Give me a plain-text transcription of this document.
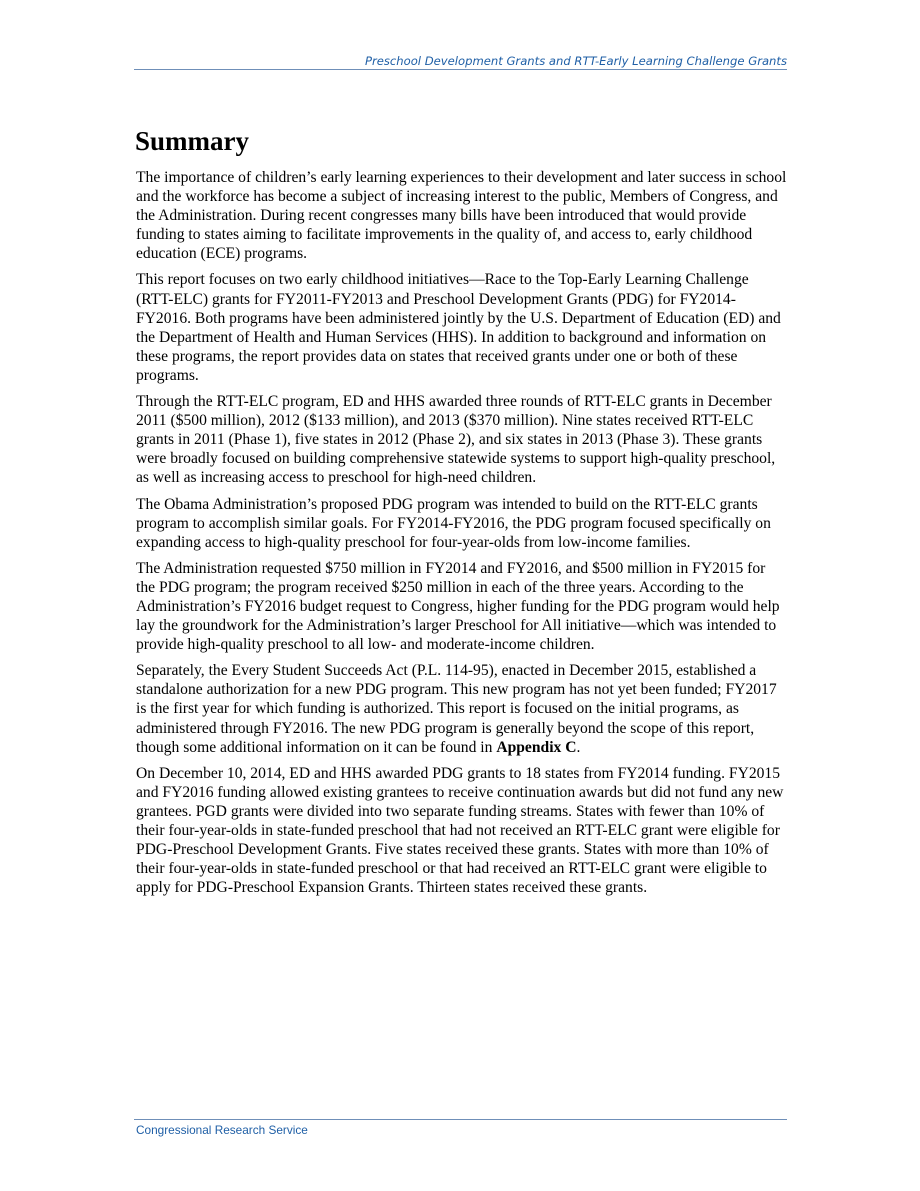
Preschool Development Grants and RTT-Early Learning Challenge Grants
Summary

The importance of children’s early learning experiences to their development and later success in school and the workforce has become a subject of increasing interest to the public, Members of Congress, and the Administration. During recent congresses many bills have been introduced that would provide funding to states aiming to facilitate improvements in the quality of, and access to, early childhood education (ECE) programs.

This report focuses on two early childhood initiatives—Race to the Top-Early Learning Challenge (RTT-ELC) grants for FY2011-FY2013 and Preschool Development Grants (PDG) for FY2014-FY2016. Both programs have been administered jointly by the U.S. Department of Education (ED) and the Department of Health and Human Services (HHS). In addition to background and information on these programs, the report provides data on states that received grants under one or both of these programs.

Through the RTT-ELC program, ED and HHS awarded three rounds of RTT-ELC grants in December 2011 ($500 million), 2012 ($133 million), and 2013 ($370 million). Nine states received RTT-ELC grants in 2011 (Phase 1), five states in 2012 (Phase 2), and six states in 2013 (Phase 3). These grants were broadly focused on building comprehensive statewide systems to support high-quality preschool, as well as increasing access to preschool for high-need children.

The Obama Administration’s proposed PDG program was intended to build on the RTT-ELC grants program to accomplish similar goals. For FY2014-FY2016, the PDG program focused specifically on expanding access to high-quality preschool for four-year-olds from low-income families.

The Administration requested $750 million in FY2014 and FY2016, and $500 million in FY2015 for the PDG program; the program received $250 million in each of the three years. According to the Administration’s FY2016 budget request to Congress, higher funding for the PDG program would help lay the groundwork for the Administration’s larger Preschool for All initiative—which was intended to provide high-quality preschool to all low- and moderate-income children.

Separately, the Every Student Succeeds Act (P.L. 114-95), enacted in December 2015, established a standalone authorization for a new PDG program. This new program has not yet been funded; FY2017 is the first year for which funding is authorized. This report is focused on the initial programs, as administered through FY2016. The new PDG program is generally beyond the scope of this report, though some additional information on it can be found in Appendix C.

On December 10, 2014, ED and HHS awarded PDG grants to 18 states from FY2014 funding. FY2015 and FY2016 funding allowed existing grantees to receive continuation awards but did not fund any new grantees. PGD grants were divided into two separate funding streams. States with fewer than 10% of their four-year-olds in state-funded preschool that had not received an RTT-ELC grant were eligible for PDG-Preschool Development Grants. Five states received these grants. States with more than 10% of their four-year-olds in state-funded preschool or that had received an RTT-ELC grant were eligible to apply for PDG-Preschool Expansion Grants. Thirteen states received these grants.

Congressional Research Service
